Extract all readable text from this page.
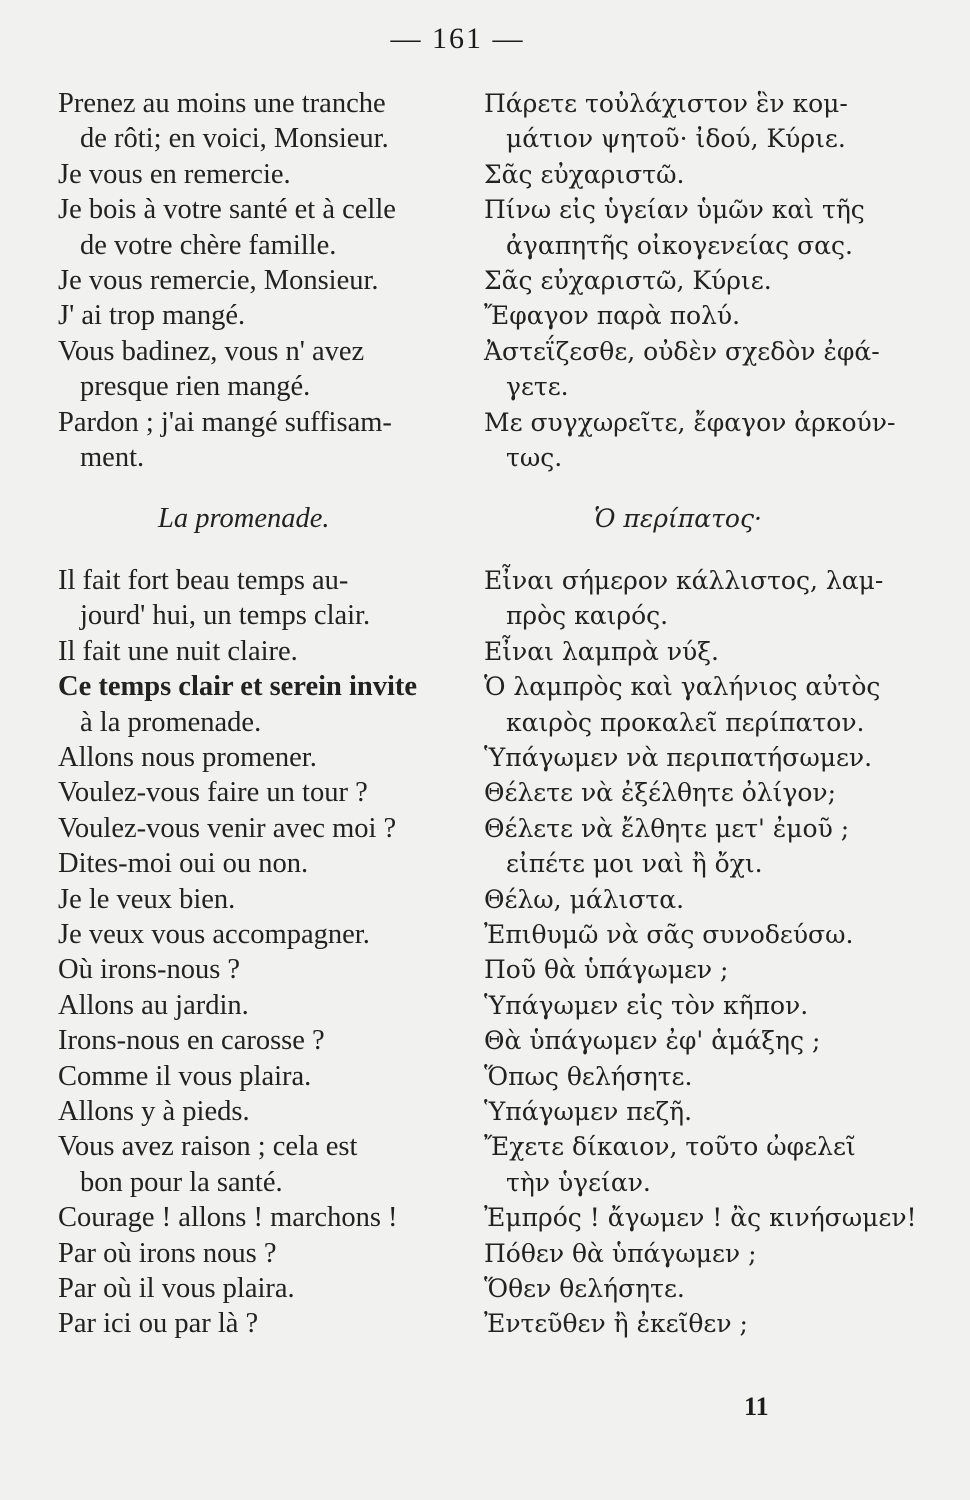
— 161 —
Prenez au moins une tranche
de rôti; en voici, Monsieur.
Je vous en remercie.
Je bois à votre santé et à celle
de votre chère famille.
Je vous remercie, Monsieur.
J' ai trop mangé.
Vous badinez, vous n' avez
presque rien mangé.
Pardon ; j'ai mangé suffisam-
ment.
La promenade.
Il fait fort beau temps au-
jourd' hui, un temps clair.
Il fait une nuit claire.
Ce temps clair et serein invite
à la promenade.
Allons nous promener.
Voulez-vous faire un tour ?
Voulez-vous venir avec moi ?
Dites-moi oui ou non.
Je le veux bien.
Je veux vous accompagner.
Où irons-nous ?
Allons au jardin.
Irons-nous en carosse ?
Comme il vous plaira.
Allons y à pieds.
Vous avez raison ; cela est
bon pour la santé.
Courage ! allons ! marchons !
Par où irons nous ?
Par où il vous plaira.
Par ici ou par là ?
Πάρετε τοὐλάχιστον ἓν κομ-
μάτιον ψητοῦ· ἰδού, Κύριε.
Σᾶς εὐχαριστῶ.
Πίνω εἰς ὑγείαν ὑμῶν καὶ τῆς
ἀγαπητῆς οἰκογενείας σας.
Σᾶς εὐχαριστῶ, Κύριε.
Ἔφαγον παρὰ πολύ.
Ἀστεΐζεσθε, οὐδὲν σχεδὸν ἐφά-
γετε.
Με συγχωρεῖτε, ἔφαγον ἀρκούν-
τως.
Ὁ περίπατος·
Εἶναι σήμερον κάλλιστος, λαμ-
πρὸς καιρός.
Εἶναι λαμπρὰ νύξ.
Ὁ λαμπρὸς καὶ γαλήνιος αὐτὸς
καιρὸς προκαλεῖ περίπατον.
Ὑπάγωμεν νὰ περιπατήσωμεν.
Θέλετε νὰ ἐξέλθητε ὀλίγον;
Θέλετε νὰ ἔλθητε μετ' ἐμοῦ ;
εἰπέτε μοι ναὶ ἢ ὄχι.
Θέλω, μάλιστα.
Ἐπιθυμῶ νὰ σᾶς συνοδεύσω.
Ποῦ θὰ ὑπάγωμεν ;
Ὑπάγωμεν εἰς τὸν κῆπον.
Θὰ ὑπάγωμεν ἐφ' ἁμάξης ;
Ὅπως θελήσητε.
Ὑπάγωμεν πεζῆ.
Ἔχετε δίκαιον, τοῦτο ὠφελεῖ
τὴν ὑγείαν.
Ἐμπρός ! ἄγωμεν ! ἂς κινήσωμεν!
Πόθεν θὰ ὑπάγωμεν ;
Ὅθεν θελήσητε.
Ἐντεῦθεν ἢ ἐκεῖθεν ;
11
